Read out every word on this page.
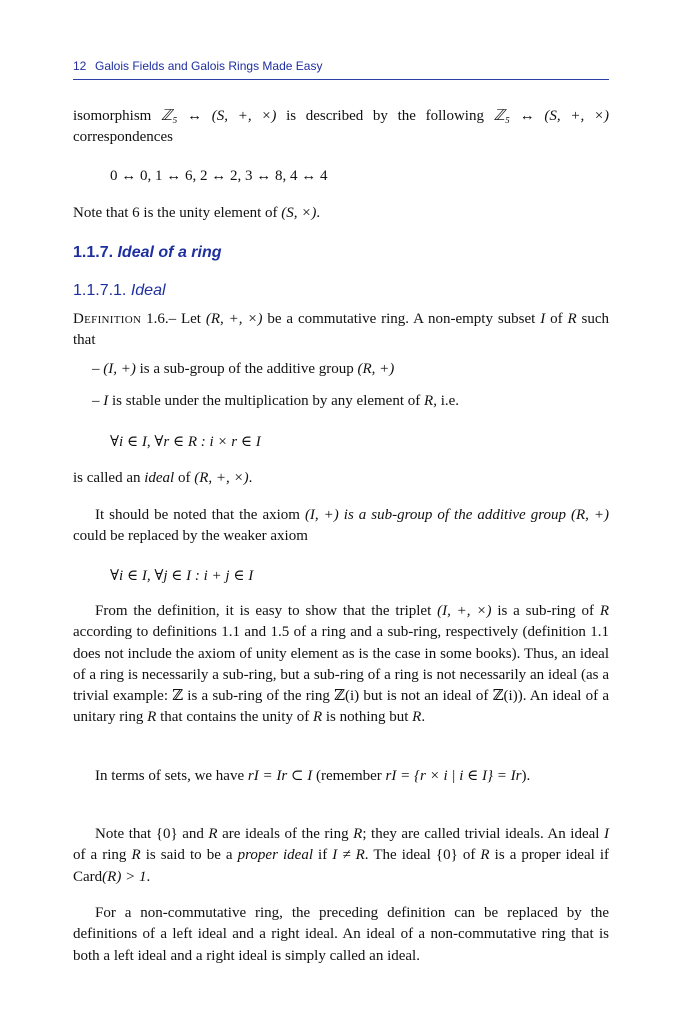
12 Galois Fields and Galois Rings Made Easy

isomorphism ℤ₅ ↔ (S, +, ×) is described by the following ℤ₅ ↔ (S, +, ×) correspondences

0 ↔ 0, 1 ↔ 6, 2 ↔ 2, 3 ↔ 8, 4 ↔ 4

Note that 6 is the unity element of (S, ×).

1.1.7. Ideal of a ring
1.1.7.1. Ideal

Definition 1.6.– Let (R, +, ×) be a commutative ring. A non-empty subset I of R such that

– (I, +) is a sub-group of the additive group (R, +)
– I is stable under the multiplication by any element of R, i.e.
∀i ∈ I, ∀r ∈ R : i × r ∈ I

is called an ideal of (R, +, ×).

It should be noted that the axiom (I, +) is a sub-group of the additive group (R, +) could be replaced by the weaker axiom

∀i ∈ I, ∀j ∈ I : i + j ∈ I

From the definition, it is easy to show that the triplet (I, +, ×) is a sub-ring of R according to definitions 1.1 and 1.5 of a ring and a sub-ring, respectively (definition 1.1 does not include the axiom of unity element as is the case in some books). Thus, an ideal of a ring is necessarily a sub-ring, but a sub-ring of a ring is not necessarily an ideal (as a trivial example: ℤ is a sub-ring of the ring ℤ(i) but is not an ideal of ℤ(i)). An ideal of a unitary ring R that contains the unity of R is nothing but R.

In terms of sets, we have rI = Ir ⊂ I (remember rI = {r × i | i ∈ I} = Ir).

Note that {0} and R are ideals of the ring R; they are called trivial ideals. An ideal I of a ring R is said to be a proper ideal if I ≠ R. The ideal {0} of R is a proper ideal if Card(R) > 1.

For a non-commutative ring, the preceding definition can be replaced by the definitions of a left ideal and a right ideal. An ideal of a non-commutative ring that is both a left ideal and a right ideal is simply called an ideal.
